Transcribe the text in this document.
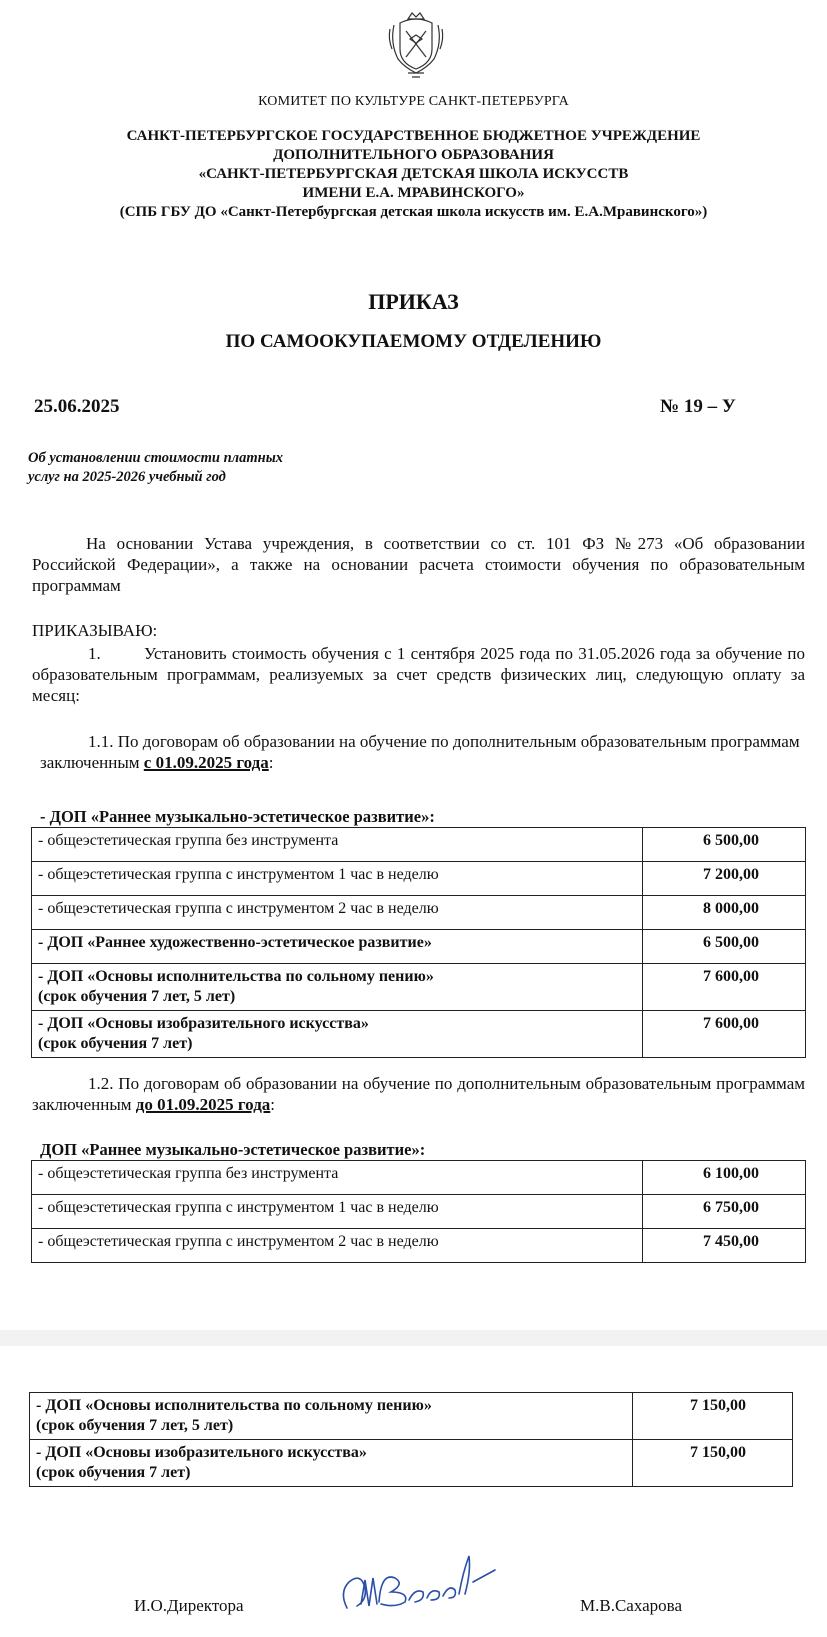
КОМИТЕТ ПО КУЛЬТУРЕ САНКТ-ПЕТЕРБУРГА
САНКТ-ПЕТЕРБУРГСКОЕ ГОСУДАРСТВЕННОЕ БЮДЖЕТНОЕ УЧРЕЖДЕНИЕ
ДОПОЛНИТЕЛЬНОГО ОБРАЗОВАНИЯ
«САНКТ-ПЕТЕРБУРГСКАЯ ДЕТСКАЯ ШКОЛА ИСКУССТВ
ИМЕНИ Е.А. МРАВИНСКОГО»
(СПБ ГБУ ДО «Санкт-Петербургская детская школа искусств им. Е.А.Мравинского»)
ПРИКАЗ
ПО САМООКУПАЕМОМУ ОТДЕЛЕНИЮ
25.06.2025	№ 19 – У
Об установлении стоимости платных
услуг на 2025-2026 учебный год
На основании Устава учреждения, в соответствии со ст. 101 ФЗ №273 «Об образовании Российской Федерации», а также на основании расчета стоимости обучения по образовательным программам
ПРИКАЗЫВАЮ:
1.	Установить стоимость обучения с 1 сентября 2025 года по 31.05.2026 года за обучение по образовательным программам, реализуемых за счет средств физических лиц, следующую оплату за месяц:
1.1. По договорам об образовании на обучение по дополнительным образовательным программам заключенным с 01.09.2025 года:
- ДОП «Раннее музыкально-эстетическое развитие»:
- общеэстетическая группа без инструмента	6 500,00
- общеэстетическая группа с инструментом 1 час в неделю	7 200,00
- общеэстетическая группа с инструментом 2 час в неделю	8 000,00
- ДОП «Раннее художественно-эстетическое развитие»	6 500,00

- ДОП «Основы исполнительства по сольному пению»
(срок обучения 7 лет, 5 лет)	7 600,00

- ДОП «Основы изобразительного искусства»
(срок обучения 7 лет)	7 600,00
1.2. По договорам об образовании на обучение по дополнительным образовательным программам заключенным до 01.09.2025 года:
ДОП «Раннее музыкально-эстетическое развитие»:
- общеэстетическая группа без инструмента	6 100,00
- общеэстетическая группа с инструментом 1 час в неделю	6 750,00
- общеэстетическая группа с инструментом 2 час в неделю	7 450,00
- ДОП «Основы исполнительства по сольному пению»
(срок обучения 7 лет, 5 лет)	7 150,00

- ДОП «Основы изобразительного искусства»
(срок обучения 7 лет)	7 150,00
И.О.Директора	М.В.Сахарова
